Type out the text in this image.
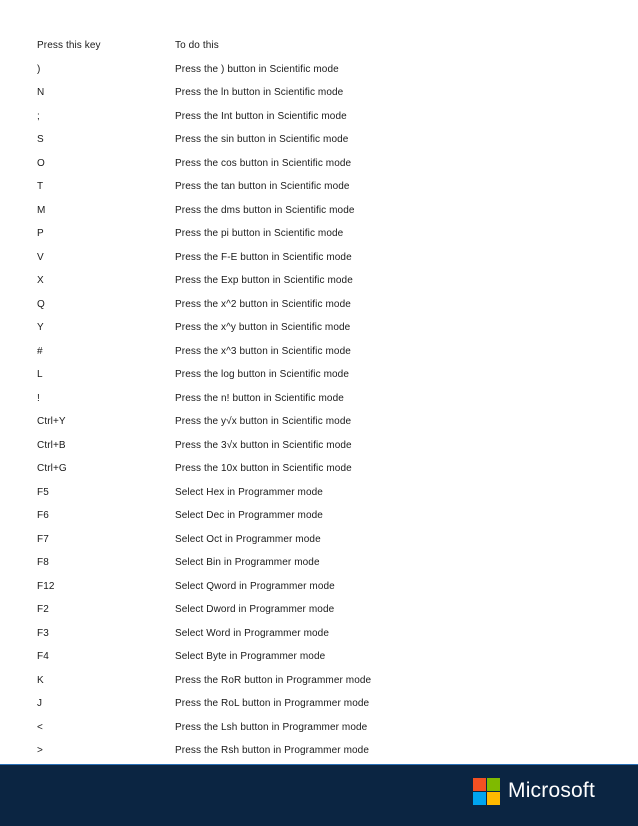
Press this key	To do this
)	Press the ) button in Scientific mode
N	Press the ln button in Scientific mode
;	Press the Int button in Scientific mode
S	Press the sin button in Scientific mode
O	Press the cos button in Scientific mode
T	Press the tan button in Scientific mode
M	Press the dms button in Scientific mode
P	Press the pi button in Scientific mode
V	Press the F-E button in Scientific mode
X	Press the Exp button in Scientific mode
Q	Press the x^2 button in Scientific mode
Y	Press the x^y button in Scientific mode
#	Press the x^3 button in Scientific mode
L	Press the log button in Scientific mode
!	Press the n! button in Scientific mode
Ctrl+Y	Press the y√x button in Scientific mode
Ctrl+B	Press the 3√x button in Scientific mode
Ctrl+G	Press the 10x button in Scientific mode
F5	Select Hex in Programmer mode
F6	Select Dec in Programmer mode
F7	Select Oct in Programmer mode
F8	Select Bin in Programmer mode
F12	Select Qword in Programmer mode
F2	Select Dword in Programmer mode
F3	Select Word in Programmer mode
F4	Select Byte in Programmer mode
K	Press the RoR button in Programmer mode
J	Press the RoL button in Programmer mode
<	Press the Lsh button in Programmer mode
>	Press the Rsh button in Programmer mode
Microsoft
